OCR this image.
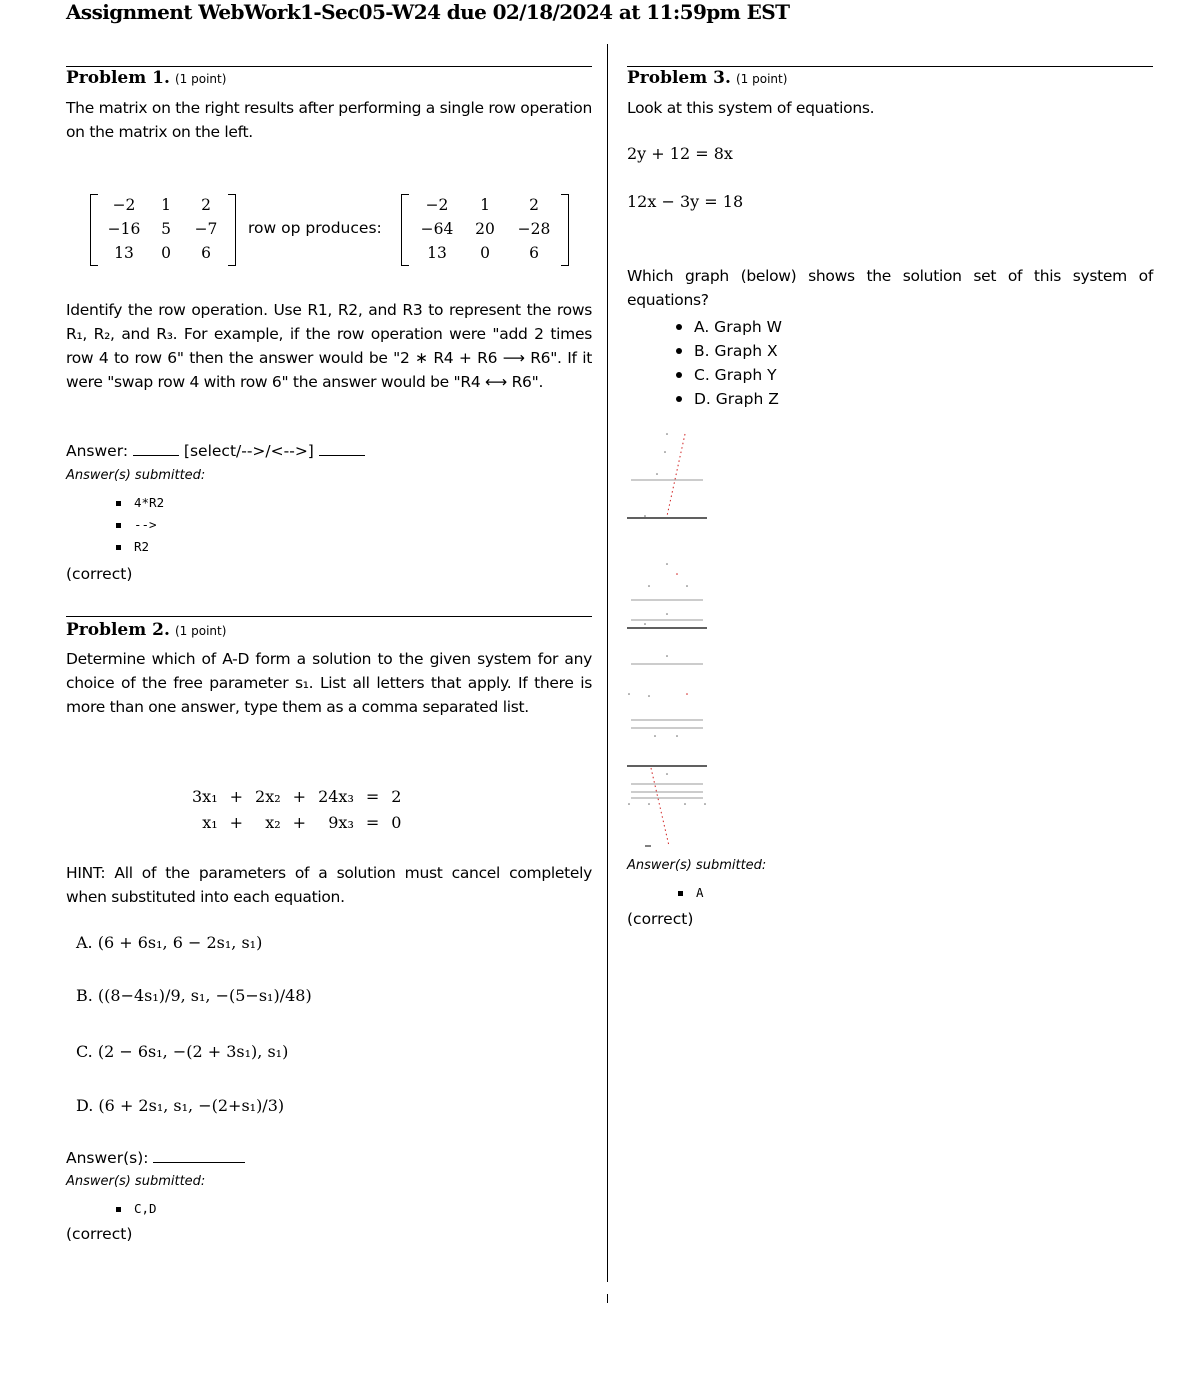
Assignment WebWork1-Sec05-W24 due 02/18/2024 at 11:59pm EST
Problem 1. (1 point)
The matrix on the right results after performing a single row operation on the matrix on the left.
−2	1	2
−16	5	−7
13	0	6
row op produces:
−2	1	2
−64	20	−28
13	0	6
Identify the row operation. Use R1, R2, and R3 to represent the rows R₁, R₂, and R₃. For example, if the row operation were "add 2 times row 4 to row 6" then the answer would be "2 ∗ R4 + R6 ⟶ R6". If it were "swap row 4 with row 6" the answer would be "R4 ⟷ R6".
Answer:	[select/-->/<-->]
Answer(s) submitted:
4*R2
-->
R2
(correct)
Problem 2. (1 point)
Determine which of A-D form a solution to the given system for any choice of the free parameter s₁. List all letters that apply. If there is more than one answer, type them as a comma separated list.
3x₁	+	2x₂	+	24x₃	=	2
x₁	+	x₂	+	9x₃	=	0
HINT: All of the parameters of a solution must cancel completely when substituted into each equation.
A. (6 + 6s₁, 6 − 2s₁, s₁)
B. ((8−4s₁)/9, s₁, −(5−s₁)/48)
C. (2 − 6s₁, −(2 + 3s₁), s₁)
D. (6 + 2s₁, s₁, −(2+s₁)/3)
Answer(s):
Answer(s) submitted:
C,D
(correct)
Problem 3. (1 point)
Look at this system of equations.
2y + 12 = 8x
12x − 3y = 18
Which graph (below) shows the solution set of this system of equations?
A. Graph W
B. Graph X
C. Graph Y
D. Graph Z
Answer(s) submitted:
A
(correct)
